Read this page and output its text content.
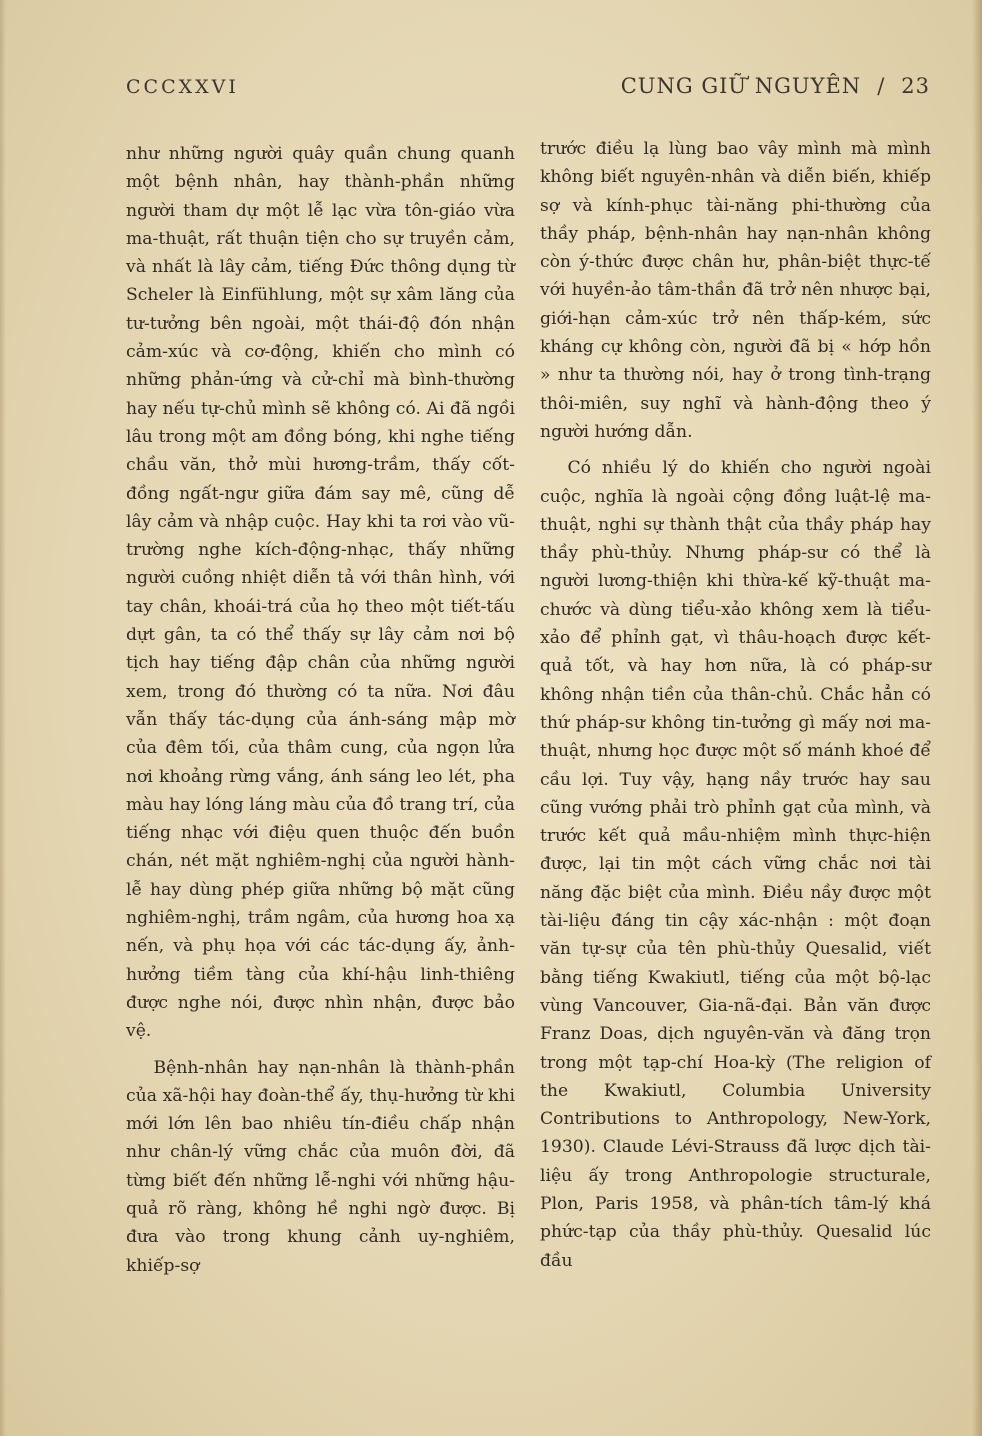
CCCXXVI	CUNG GIỮ NGUYÊN / 23

như những người quây quần chung quanh một bệnh nhân, hay thành-phần những người tham dự một lễ lạc vừa tôn-giáo vừa ma-thuật, rất thuận tiện cho sự truyền cảm, và nhất là lây cảm, tiếng Đức thông dụng từ Scheler là Einfühlung, một sự xâm lăng của tư-tưởng bên ngoài, một thái-độ đón nhận cảm-xúc và cơ-động, khiến cho mình có những phản-ứng và cử-chỉ mà bình-thường hay nếu tự-chủ mình sẽ không có. Ai đã ngồi lâu trong một am đồng bóng, khi nghe tiếng chầu văn, thở mùi hương-trầm, thấy cốt-đồng ngất-ngư giữa đám say mê, cũng dễ lây cảm và nhập cuộc. Hay khi ta rơi vào vũ-trường nghe kích-động-nhạc, thấy những người cuồng nhiệt diễn tả với thân hình, với tay chân, khoái-trá của họ theo một tiết-tấu dựt gân, ta có thể thấy sự lây cảm nơi bộ tịch hay tiếng đập chân của những người xem, trong đó thường có ta nữa. Nơi đâu vẫn thấy tác-dụng của ánh-sáng mập mờ của đêm tối, của thâm cung, của ngọn lửa nơi khoảng rừng vắng, ánh sáng leo lét, pha màu hay lóng láng màu của đồ trang trí, của tiếng nhạc với điệu quen thuộc đến buồn chán, nét mặt nghiêm-nghị của người hành-lễ hay dùng phép giữa những bộ mặt cũng nghiêm-nghị, trầm ngâm, của hương hoa xạ nến, và phụ họa với các tác-dụng ấy, ảnh-hưởng tiềm tàng của khí-hậu linh-thiêng được nghe nói, được nhìn nhận, được bảo vệ.

Bệnh-nhân hay nạn-nhân là thành-phần của xã-hội hay đoàn-thể ấy, thụ-hưởng từ khi mới lớn lên bao nhiêu tín-điều chấp nhận như chân-lý vững chắc của muôn đời, đã từng biết đến những lễ-nghi với những hậu-quả rõ ràng, không hề nghi ngờ được. Bị đưa vào trong khung cảnh uy-nghiêm, khiếp-sợ

trước điều lạ lùng bao vây mình mà mình không biết nguyên-nhân và diễn biến, khiếp sợ và kính-phục tài-năng phi-thường của thầy pháp, bệnh-nhân hay nạn-nhân không còn ý-thức được chân hư, phân-biệt thực-tế với huyền-ảo tâm-thần đã trở nên nhược bại, giới-hạn cảm-xúc trở nên thấp-kém, sức kháng cự không còn, người đã bị « hớp hồn » như ta thường nói, hay ở trong tình-trạng thôi-miên, suy nghĩ và hành-động theo ý người hướng dẫn.

Có nhiều lý do khiến cho người ngoài cuộc, nghĩa là ngoài cộng đồng luật-lệ ma-thuật, nghi sự thành thật của thầy pháp hay thầy phù-thủy. Nhưng pháp-sư có thể là người lương-thiện khi thừa-kế kỹ-thuật ma-chước và dùng tiểu-xảo không xem là tiểu-xảo để phỉnh gạt, vì thâu-hoạch được kết-quả tốt, và hay hơn nữa, là có pháp-sư không nhận tiền của thân-chủ. Chắc hẳn có thứ pháp-sư không tin-tưởng gì mấy nơi ma-thuật, nhưng học được một số mánh khoé để cầu lợi. Tuy vậy, hạng nầy trước hay sau cũng vướng phải trò phỉnh gạt của mình, và trước kết quả mầu-nhiệm mình thực-hiện được, lại tin một cách vững chắc nơi tài năng đặc biệt của mình. Điều nầy được một tài-liệu đáng tin cậy xác-nhận : một đoạn văn tự-sự của tên phù-thủy Quesalid, viết bằng tiếng Kwakiutl, tiếng của một bộ-lạc vùng Vancouver, Gia-nã-đại. Bản văn được Franz Doas, dịch nguyên-văn và đăng trọn trong một tạp-chí Hoa-kỳ (The religion of the Kwakiutl, Columbia University Contributions to Anthropology, New-York, 1930). Claude Lévi-Strauss đã lược dịch tài-liệu ấy trong Anthropologie structurale, Plon, Paris 1958, và phân-tích tâm-lý khá phức-tạp của thầy phù-thủy. Quesalid lúc đầu
